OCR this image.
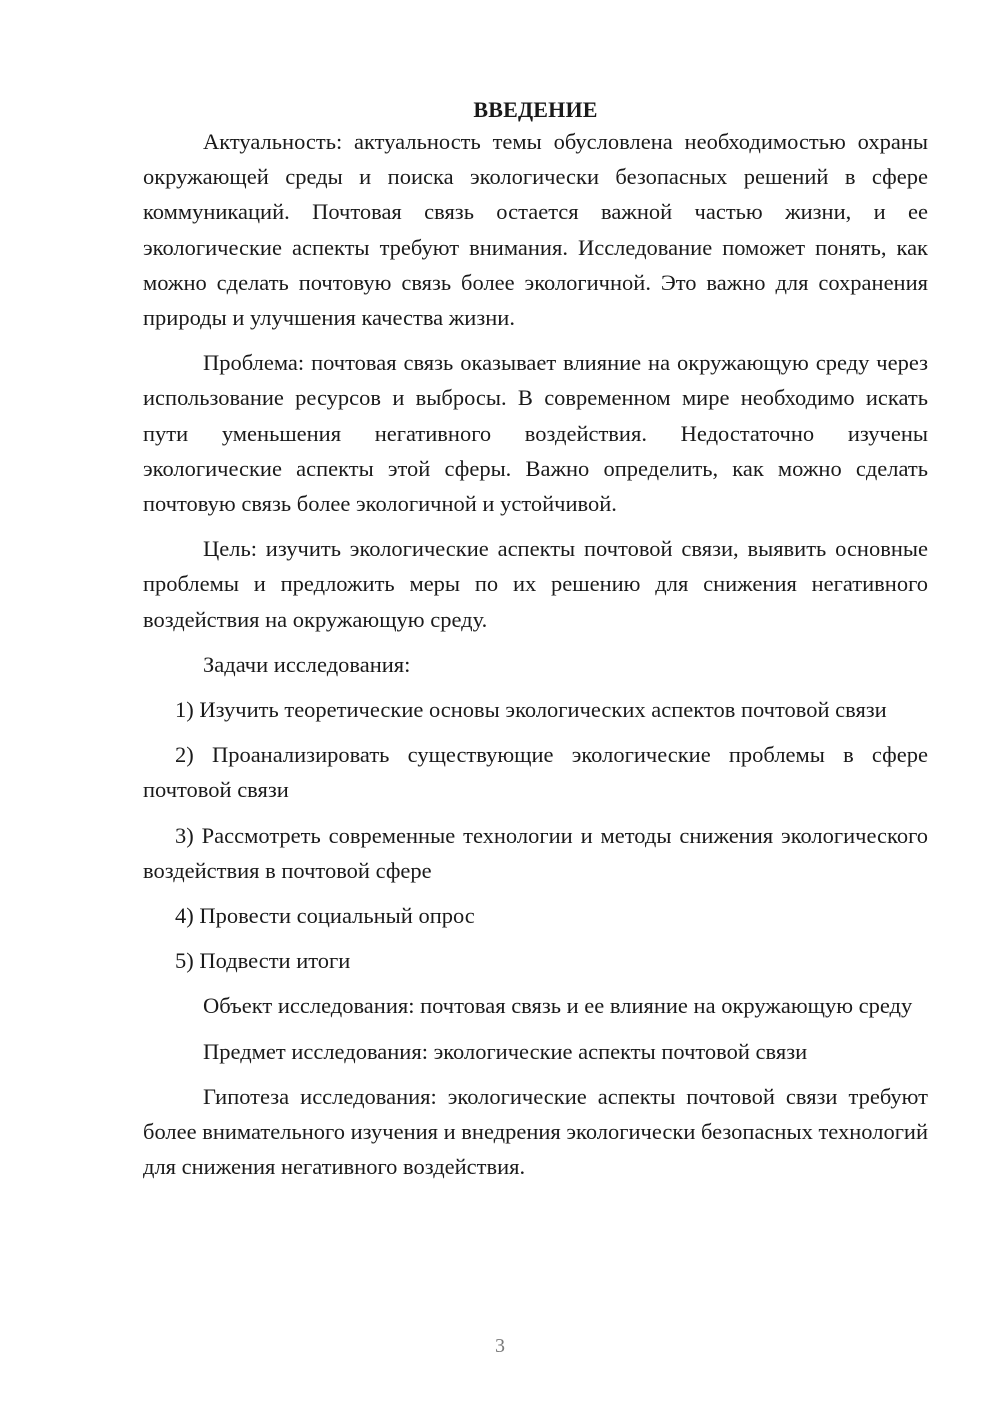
ВВЕДЕНИЕ

Актуальность: актуальность темы обусловлена необходимостью охраны окружающей среды и поиска экологически безопасных решений в сфере коммуникаций. Почтовая связь остается важной частью жизни, и ее экологические аспекты требуют внимания. Исследование поможет понять, как можно сделать почтовую связь более экологичной. Это важно для сохранения природы и улучшения качества жизни.

Проблема: почтовая связь оказывает влияние на окружающую среду через использование ресурсов и выбросы. В современном мире необходимо искать пути уменьшения негативного воздействия. Недостаточно изучены экологические аспекты этой сферы. Важно определить, как можно сделать почтовую связь более экологичной и устойчивой.

Цель: изучить экологические аспекты почтовой связи, выявить основные проблемы и предложить меры по их решению для снижения негативного воздействия на окружающую среду.

Задачи исследования:

1) Изучить теоретические основы экологических аспектов почтовой связи

2) Проанализировать существующие экологические проблемы в сфере почтовой связи

3) Рассмотреть современные технологии и методы снижения экологического воздействия в почтовой сфере

4) Провести социальный опрос

5) Подвести итоги

Объект исследования: почтовая связь и ее влияние на окружающую среду

Предмет исследования: экологические аспекты почтовой связи

Гипотеза исследования: экологические аспекты почтовой связи требуют более внимательного изучения и внедрения экологически безопасных технологий для снижения негативного воздействия.

3
